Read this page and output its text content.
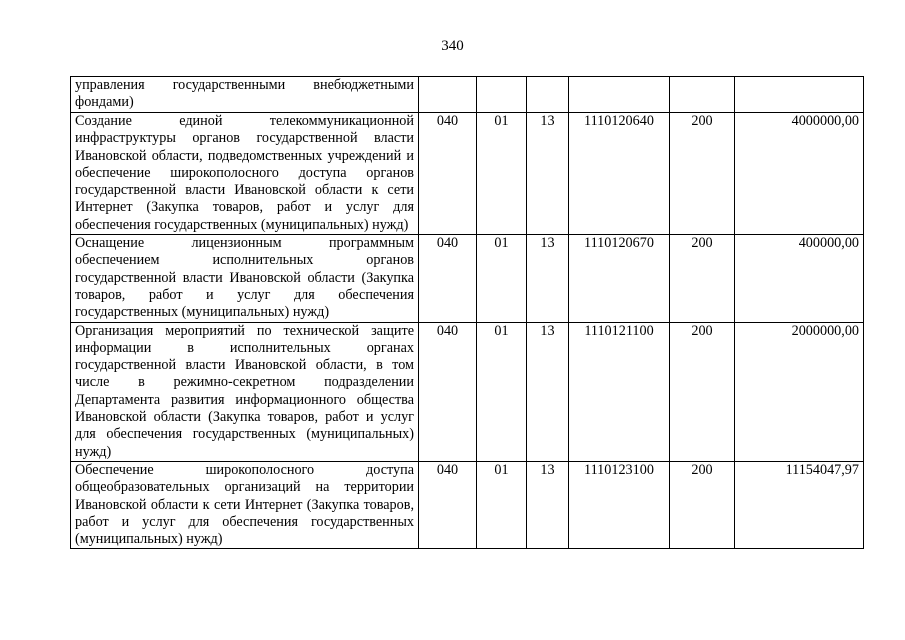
340
управления государственными внебюджетными фондами)						

Создание единой телекоммуникационной инфраструктуры органов государственной власти Ивановской области, подведомственных учреждений и обеспечение широкополосного доступа органов государственной власти Ивановской области к сети Интернет (Закупка товаров, работ и услуг для обеспечения государственных (муниципальных) нужд)	040	01	13	1110120640	200	4000000,00

Оснащение лицензионным программным обеспечением исполнительных органов государственной власти Ивановской области (Закупка товаров, работ и услуг для обеспечения государственных (муниципальных) нужд)	040	01	13	1110120670	200	400000,00

Организация мероприятий по технической защите информации в исполнительных органах государственной власти Ивановской области, в том числе в режимно-секретном подразделении Департамента развития информационного общества Ивановской области (Закупка товаров, работ и услуг для обеспечения государственных (муниципальных) нужд)	040	01	13	1110121100	200	2000000,00

Обеспечение широкополосного доступа общеобразовательных организаций на территории Ивановской области к сети Интернет (Закупка товаров, работ и услуг для обеспечения государственных (муниципальных) нужд)	040	01	13	1110123100	200	11154047,97
